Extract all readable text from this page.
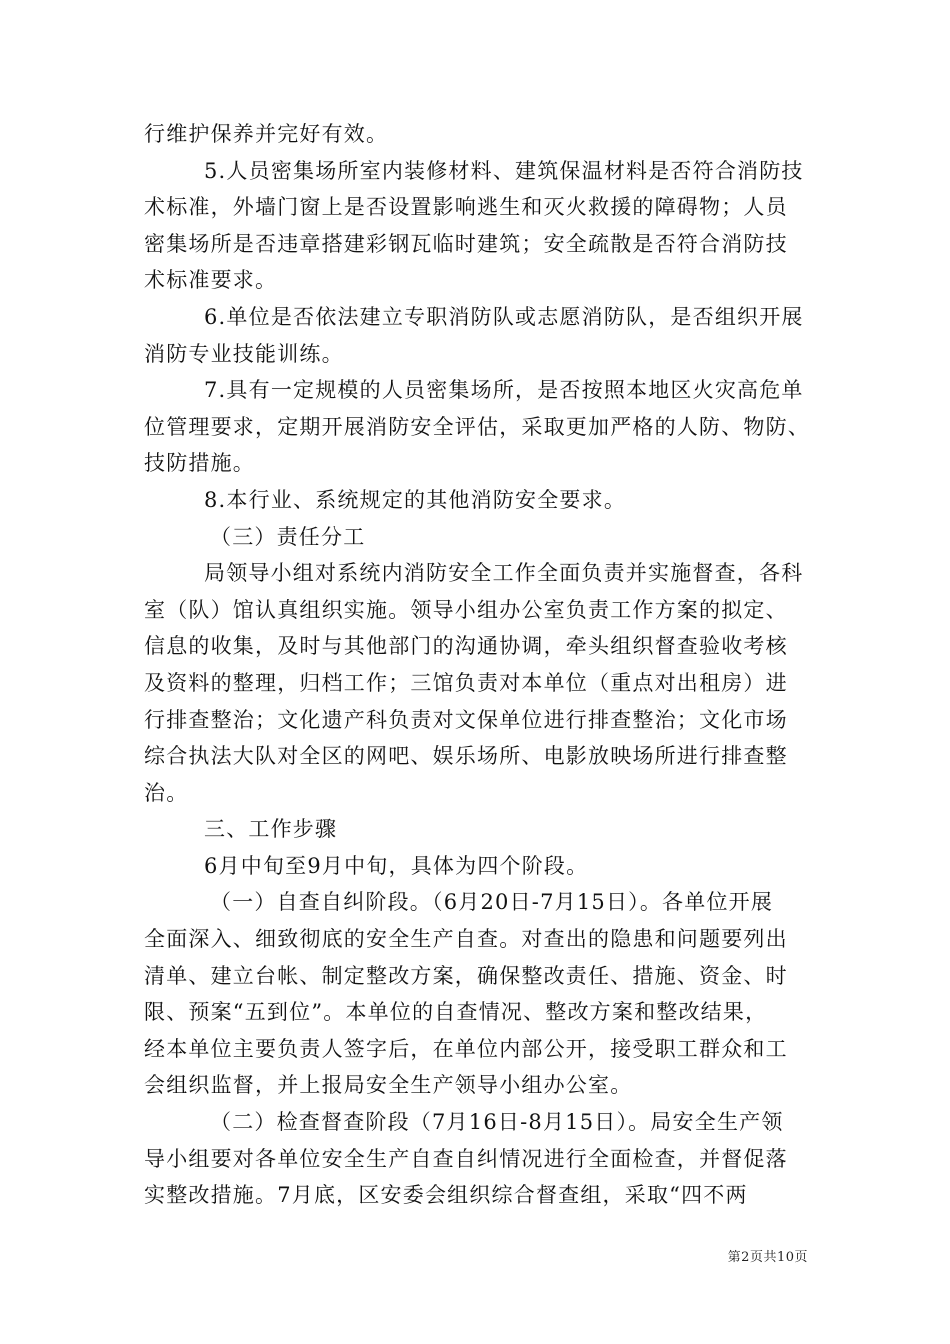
行维护保养并完好有效。
5.人员密集场所室内装修材料、建筑保温材料是否符合消防技
术标准，外墙门窗上是否设置影响逃生和灭火救援的障碍物；人员
密集场所是否违章搭建彩钢瓦临时建筑；安全疏散是否符合消防技
术标准要求。
6.单位是否依法建立专职消防队或志愿消防队，是否组织开展
消防专业技能训练。
7.具有一定规模的人员密集场所，是否按照本地区火灾高危单
位管理要求，定期开展消防安全评估，采取更加严格的人防、物防、
技防措施。
8.本行业、系统规定的其他消防安全要求。
（三）责任分工
局领导小组对系统内消防安全工作全面负责并实施督查，各科
室（队）馆认真组织实施。领导小组办公室负责工作方案的拟定、
信息的收集，及时与其他部门的沟通协调，牵头组织督查验收考核
及资料的整理，归档工作；三馆负责对本单位（重点对出租房）进
行排查整治；文化遗产科负责对文保单位进行排查整治；文化市场
综合执法大队对全区的网吧、娱乐场所、电影放映场所进行排查整
治。
三、工作步骤
6月中旬至9月中旬，具体为四个阶段。
（一）自查自纠阶段。（6月20日-7月15日）。各单位开展
全面深入、细致彻底的安全生产自查。对查出的隐患和问题要列出
清单、建立台帐、制定整改方案，确保整改责任、措施、资金、时
限、预案“五到位”。本单位的自查情况、整改方案和整改结果，
经本单位主要负责人签字后，在单位内部公开，接受职工群众和工
会组织监督，并上报局安全生产领导小组办公室。
（二）检查督查阶段（7月16日-8月15日）。局安全生产领
导小组要对各单位安全生产自查自纠情况进行全面检查，并督促落
实整改措施。7月底，区安委会组织综合督查组，采取“四不两
第2页共10页
